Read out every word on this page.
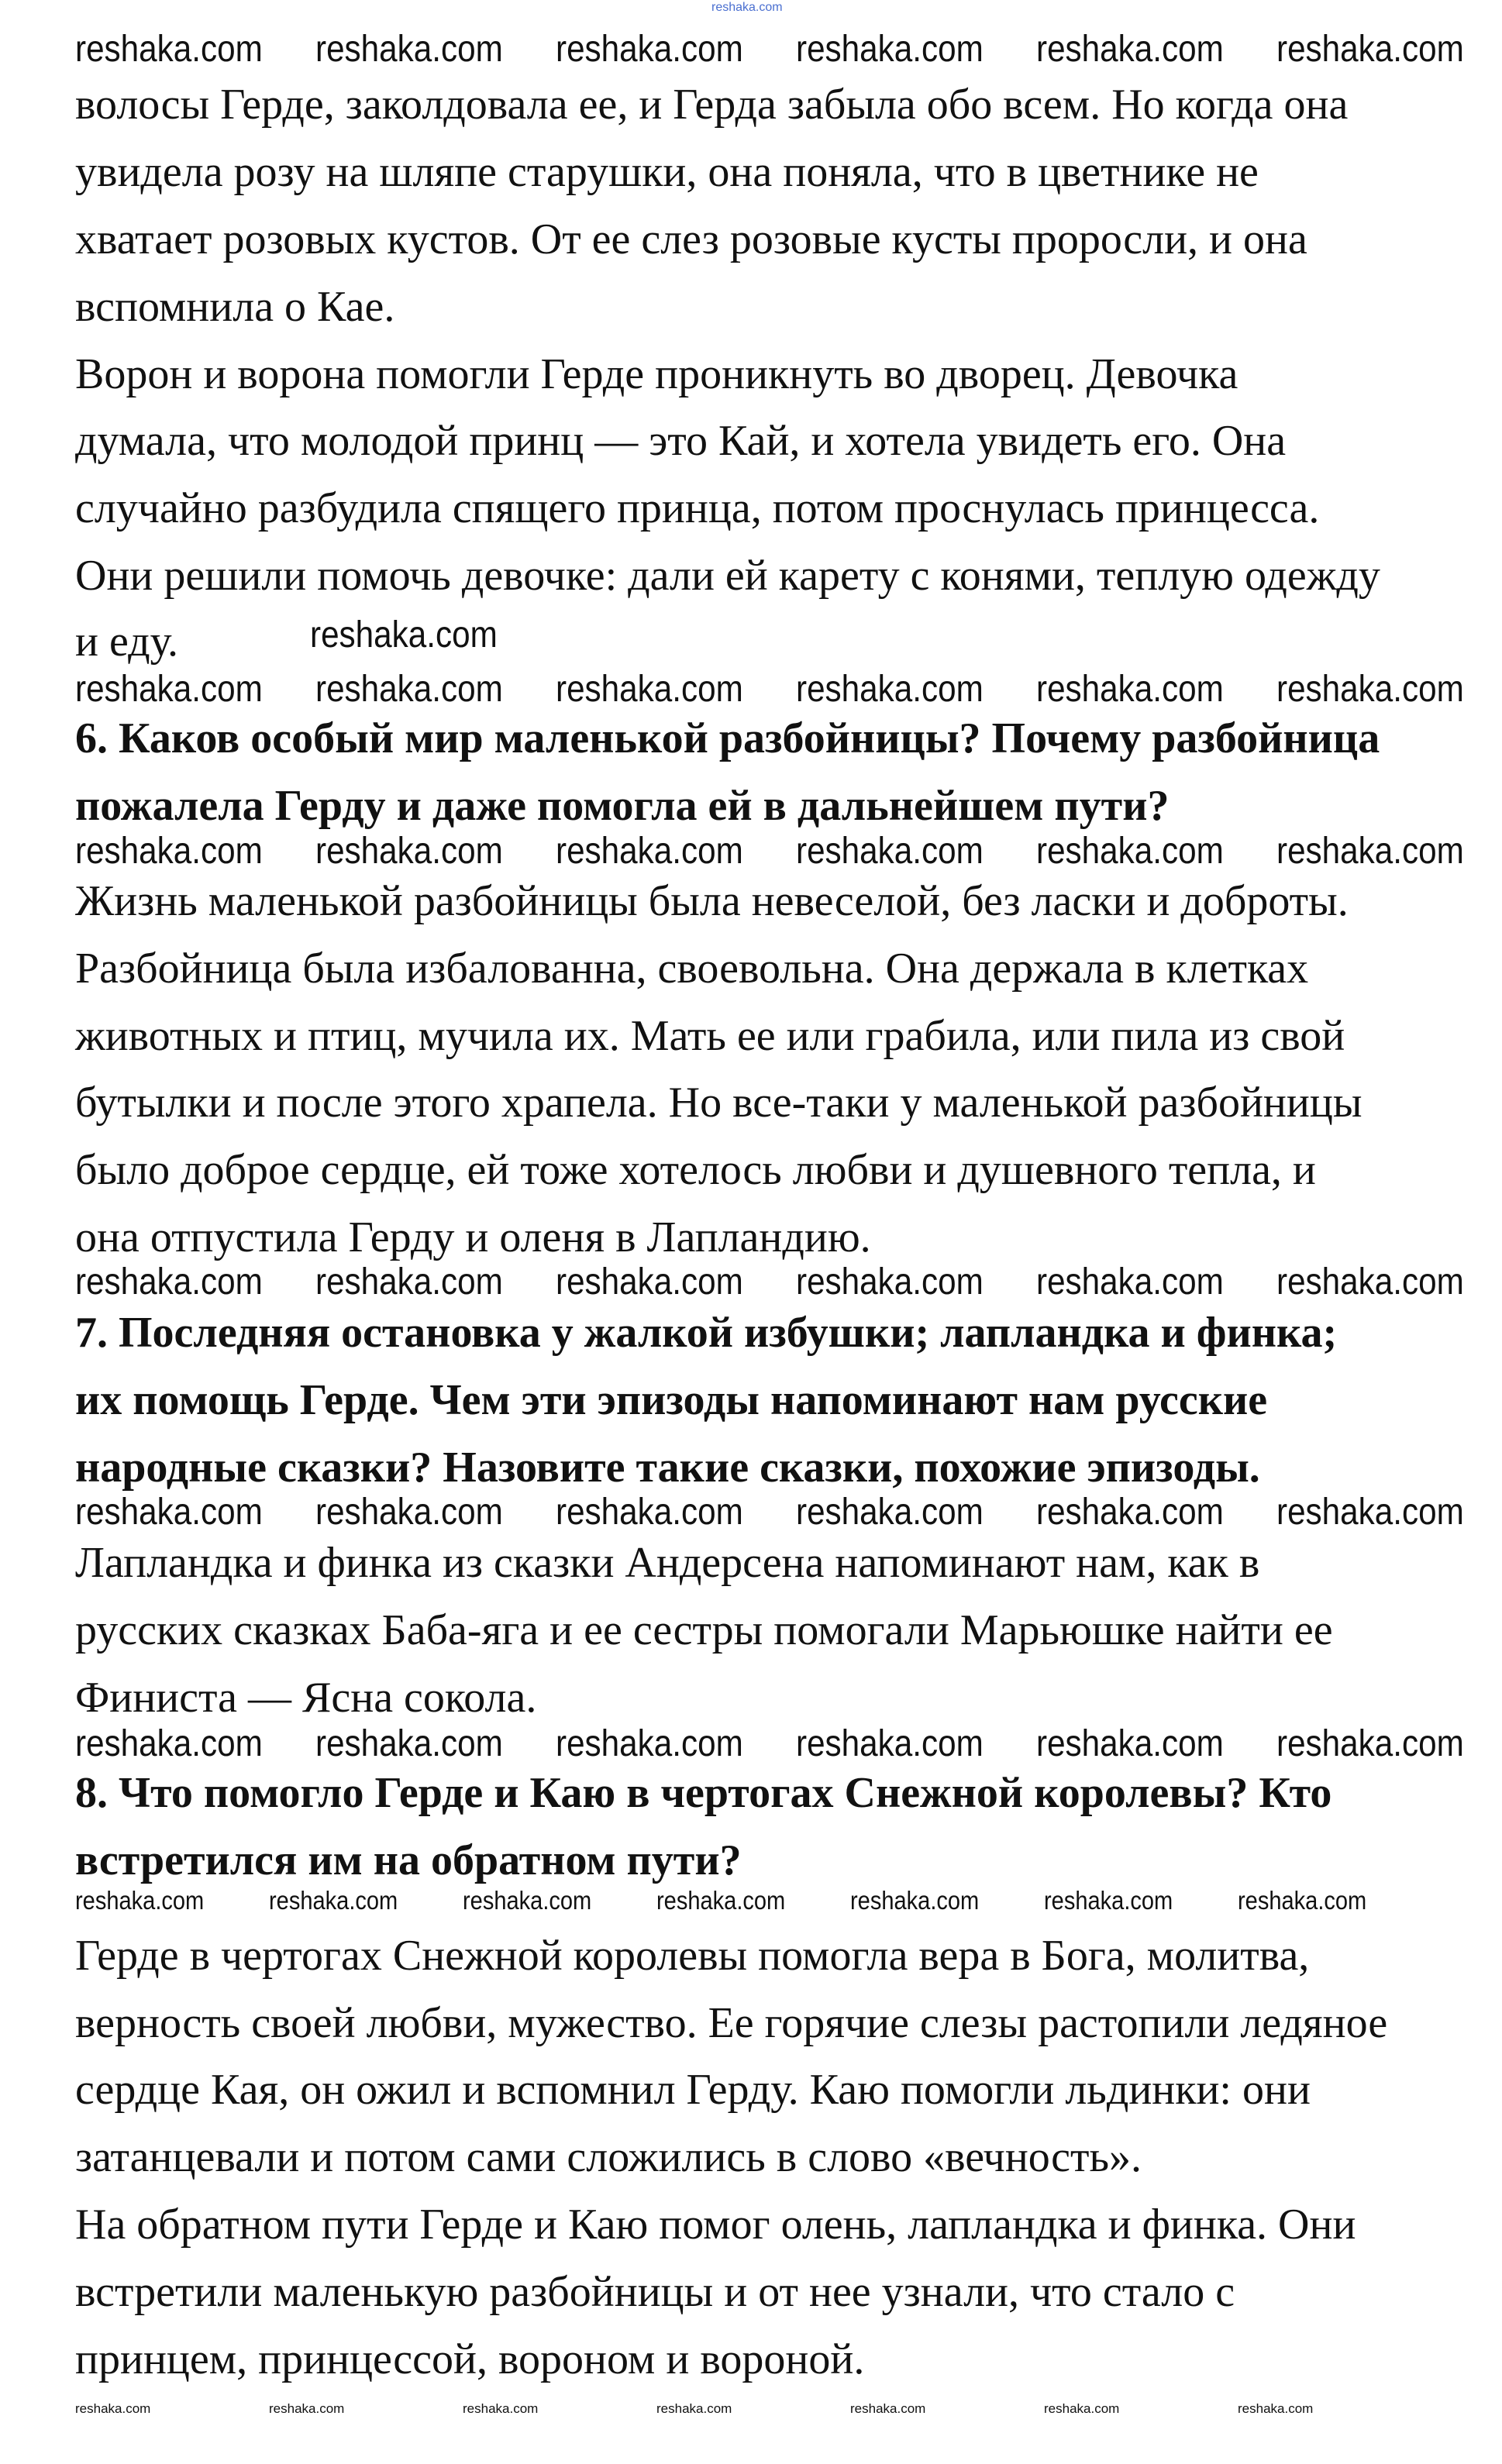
reshaka.com
волосы Герде, заколдовала ее, и Герда забыла обо всем. Но когда она
увидела розу на шляпе старушки, она поняла, что в цветнике не
хватает розовых кустов. От ее слез розовые кусты проросли, и она
вспомнила о Кае.
Ворон и ворона помогли Герде проникнуть во дворец. Девочка
думала, что молодой принц — это Кай, и хотела увидеть его. Она
случайно разбудила спящего принца, потом проснулась принцесса.
Они решили помочь девочке: дали ей карету с конями, теплую одежду
и еду.
6. Каков особый мир маленькой разбойницы? Почему разбойница
пожалела Герду и даже помогла ей в дальнейшем пути?
Жизнь маленькой разбойницы была невеселой, без ласки и доброты.
Разбойница была избалованна, своевольна. Она держала в клетках
животных и птиц, мучила их. Мать ее или грабила, или пила из свой
бутылки и после этого храпела. Но все-таки у маленькой разбойницы
было доброе сердце, ей тоже хотелось любви и душевного тепла, и
она отпустила Герду и оленя в Лапландию.
7. Последняя остановка у жалкой избушки; лапландка и финка;
их помощь Герде. Чем эти эпизоды напоминают нам русские
народные сказки? Назовите такие сказки, похожие эпизоды.
Лапландка и финка из сказки Андерсена напоминают нам, как в
русских сказках Баба-яга и ее сестры помогали Марьюшке найти ее
Финиста — Ясна сокола.
8. Что помогло Герде и Каю в чертогах Снежной королевы? Кто
встретился им на обратном пути?
Герде в чертогах Снежной королевы помогла вера в Бога, молитва,
верность своей любви, мужество. Ее горячие слезы растопили ледяное
сердце Кая, он ожил и вспомнил Герду. Каю помогли льдинки: они
затанцевали и потом сами сложились в слово «вечность».
На обратном пути Герде и Каю помог олень, лапландка и финка. Они
встретили маленькую разбойницы и от нее узнали, что стало с
принцем, принцессой, вороном и вороной.
reshaka.com reshaka.com reshaka.com reshaka.com reshaka.com reshaka.com
reshaka.com reshaka.com reshaka.com reshaka.com reshaka.com reshaka.com
reshaka.com reshaka.com reshaka.com reshaka.com reshaka.com reshaka.com
reshaka.com reshaka.com reshaka.com reshaka.com reshaka.com reshaka.com
reshaka.com reshaka.com reshaka.com reshaka.com reshaka.com reshaka.com
reshaka.com reshaka.com reshaka.com reshaka.com reshaka.com reshaka.com
reshaka.com
reshaka.com	reshaka.com	reshaka.com	reshaka.com	reshaka.com	reshaka.com	reshaka.com
reshaka.com	reshaka.com	reshaka.com	reshaka.com	reshaka.com	reshaka.com	reshaka.com
